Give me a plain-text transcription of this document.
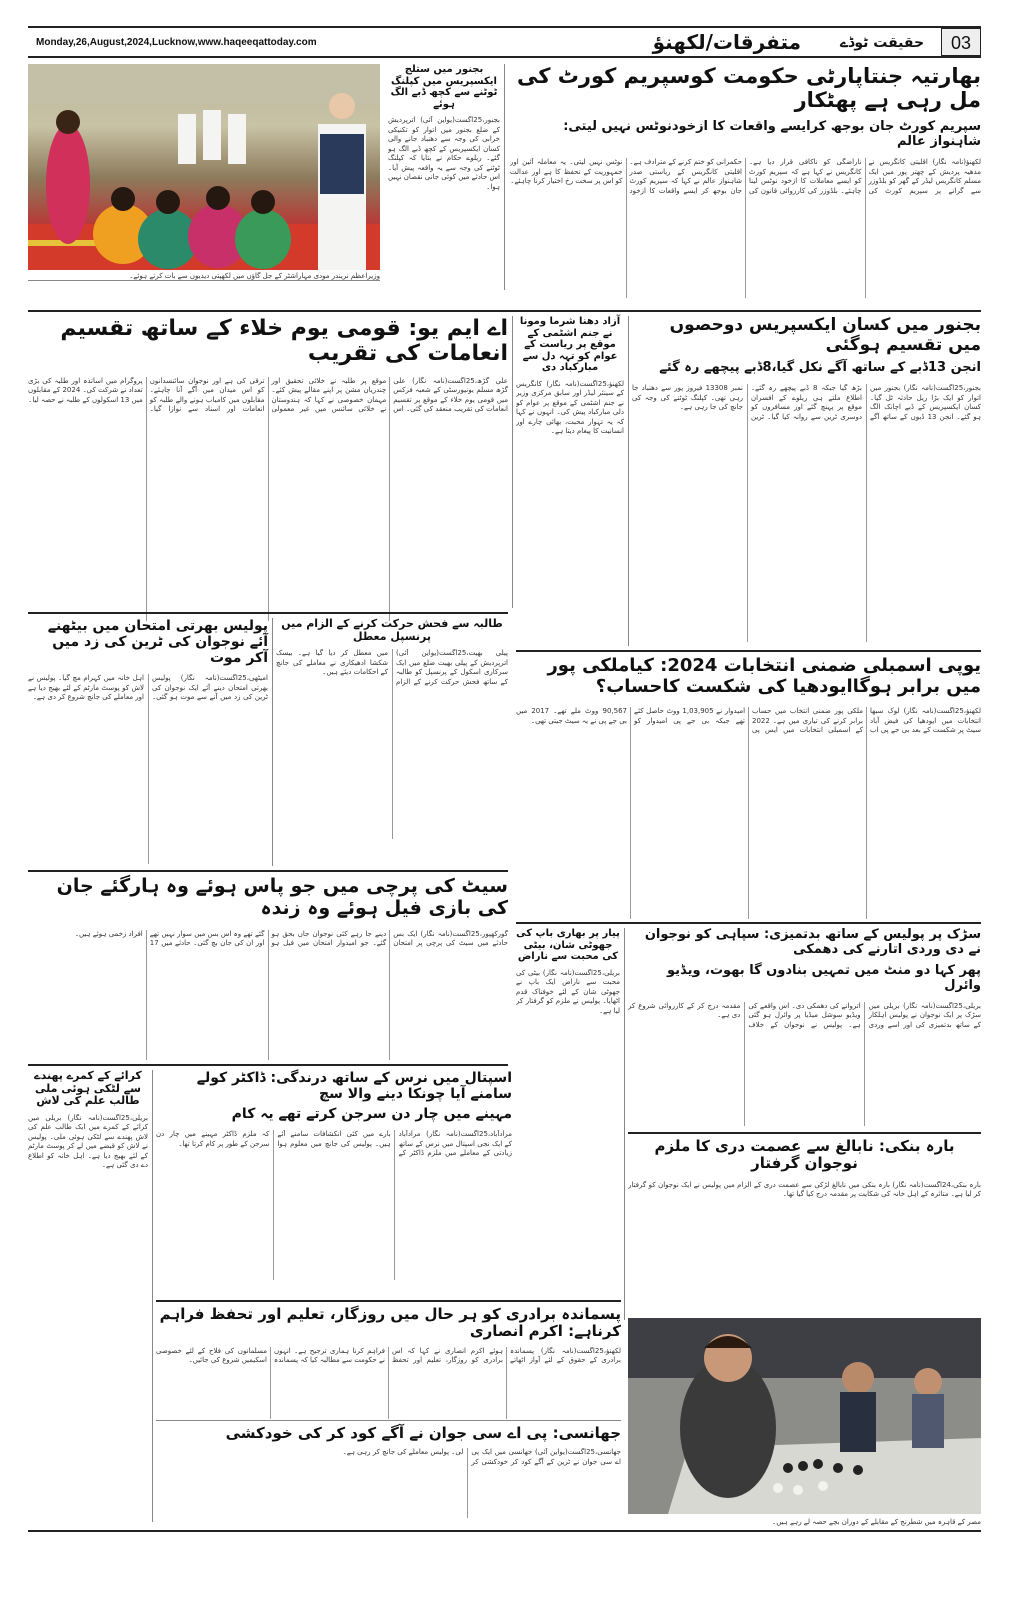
Monday,26,August,2024,Lucknow,www.haqeeqattoday.com	متفرقات/لکھنؤ	حقیقت ٹوڈے	03
وزیراعظم نریندر مودی مہاراشٹر کے جل گاؤں میں لکھپتی دیدیوں سے بات کرتے ہوئے۔
بجنور میں ستلج ایکسپریس میں کپلنگ ٹوٹنے سے کچھ ڈبے الگ ہوئے
بجنور،25اگست(یواین آئی) اترپردیش کے ضلع بجنور میں اتوار کو تکنیکی خرابی کی وجہ سے دھنباد جانے والی کسان ایکسپریس کے کچھ ڈبے الگ ہو گئے۔ ریلوے حکام نے بتایا کہ کپلنگ ٹوٹنے کی وجہ سے یہ واقعہ پیش آیا۔ اس حادثے میں کوئی جانی نقصان نہیں ہوا۔
بھارتیہ جنتاپارٹی حکومت کوسپریم کورٹ کی مل رہی ہے پھٹکار
سپریم کورٹ جان بوجھ کرایسے واقعات کا ازخودنوٹس نہیں لیتی: شاہنواز عالم
لکھنؤ(نامہ نگار) اقلیتی کانگریس نے مدھیہ پردیش کے چھتر پور میں ایک مسلم کانگریس لیڈر کے گھر کو بلڈوزر سے گرانے پر سپریم کورٹ کی ناراضگی کو ناکافی قرار دیا ہے۔ کانگریس نے کہا ہے کہ سپریم کورٹ کو ایسے معاملات کا ازخود نوٹس لینا چاہئے۔ بلڈوزر کی کارروائی قانون کی حکمرانی کو ختم کرنے کے مترادف ہے۔ اقلیتی کانگریس کے ریاستی صدر شاہنواز عالم نے کہا کہ سپریم کورٹ جان بوجھ کر ایسے واقعات کا ازخود نوٹس نہیں لیتی۔ یہ معاملہ آئین اور جمہوریت کے تحفظ کا ہے اور عدالت کو اس پر سخت رخ اختیار کرنا چاہئے۔
اے ایم یو: قومی یوم خلاء کے ساتھ تقسیم انعامات کی تقریب
علی گڑھ،25اگست(نامہ نگار) علی گڑھ مسلم یونیورسٹی کے شعبہ فزکس میں قومی یوم خلاء کے موقع پر تقسیم انعامات کی تقریب منعقد کی گئی۔ اس موقع پر طلبہ نے خلائی تحقیق اور چندریان مشن پر اپنے مقالے پیش کئے۔ مہمان خصوصی نے کہا کہ ہندوستان نے خلائی سائنس میں غیر معمولی ترقی کی ہے اور نوجوان سائنسدانوں کو اس میدان میں آگے آنا چاہئے۔ مقابلوں میں کامیاب ہونے والے طلبہ کو انعامات اور اسناد سے نوازا گیا۔ پروگرام میں اساتذہ اور طلبہ کی بڑی تعداد نے شرکت کی۔ 2024 کے مقابلوں میں 13 اسکولوں کے طلبہ نے حصہ لیا۔
آزاد دھنا شرما ومونا نے جنم اشٹمی کے موقع پر ریاست کے عوام کو تہہ دل سے مبارکباد دی
لکھنؤ،25اگست(نامہ نگار) کانگریس کے سینئر لیڈر اور سابق مرکزی وزیر نے جنم اشٹمی کے موقع پر عوام کو دلی مبارکباد پیش کی۔ انہوں نے کہا کہ یہ تہوار محبت، بھائی چارے اور انسانیت کا پیغام دیتا ہے۔
بجنور میں کسان ایکسپریس دوحصوں میں تقسیم ہوگئی
انجن 13ڈبے کے ساتھ آگے نکل گیا،8ڈبے پیچھے رہ گئے
بجنور،25اگست(نامہ نگار) بجنور میں اتوار کو ایک بڑا ریل حادثہ ٹل گیا۔ کسان ایکسپریس کے ڈبے اچانک الگ ہو گئے۔ انجن 13 ڈبوں کے ساتھ آگے بڑھ گیا جبکہ 8 ڈبے پیچھے رہ گئے۔ اطلاع ملتے ہی ریلوے کے افسران موقع پر پہنچ گئے اور مسافروں کو دوسری ٹرین سے روانہ کیا گیا۔ ٹرین نمبر 13308 فیروز پور سے دھنباد جا رہی تھی۔ کپلنگ ٹوٹنے کی وجہ کی جانچ کی جا رہی ہے۔
طالبہ سے فحش حرکت کرنے کے الزام میں پرنسپل معطل
پیلی بھیت،25اگست(یواین آئی) اترپردیش کے پیلی بھیت ضلع میں ایک سرکاری اسکول کے پرنسپل کو طالبہ کے ساتھ فحش حرکت کرنے کے الزام میں معطل کر دیا گیا ہے۔ بیسک شکشا ادھیکاری نے معاملے کی جانچ کے احکامات دیئے ہیں۔
پولیس بھرتی امتحان میں بیٹھنے آئے نوجوان کی ٹرین کی زد میں آکر موت
امیٹھی،25اگست(نامہ نگار) پولیس بھرتی امتحان دینے آئے ایک نوجوان کی ٹرین کی زد میں آنے سے موت ہو گئی۔ اہل خانہ میں کہرام مچ گیا۔ پولیس نے لاش کو پوسٹ مارٹم کے لئے بھیج دیا ہے اور معاملے کی جانچ شروع کر دی ہے۔
یوپی اسمبلی ضمنی انتخابات 2024: کیاملکی پور میں برابر ہوگاایودھیا کی شکست کاحساب؟
لکھنؤ،25اگست(نامہ نگار) لوک سبھا انتخابات میں ایودھیا کی فیض آباد سیٹ پر شکست کے بعد بی جے پی اب ملکی پور ضمنی انتخاب میں حساب برابر کرنے کی تیاری میں ہے۔ 2022 کے اسمبلی انتخابات میں ایس پی امیدوار نے 1,03,905 ووٹ حاصل کئے تھے جبکہ بی جے پی امیدوار کو 90,567 ووٹ ملے تھے۔ 2017 میں بی جے پی نے یہ سیٹ جیتی تھی۔
سیٹ کی پرچی میں جو پاس ہوئے وہ ہارگئے جان کی بازی فیل ہوئے وہ زندہ
گورکھپور،25اگست(نامہ نگار) ایک بس حادثے میں سیٹ کی پرچی پر امتحان دینے جا رہے کئی نوجوان جاں بحق ہو گئے۔ جو امیدوار امتحان میں فیل ہو گئے تھے وہ اس بس میں سوار نہیں تھے اور ان کی جان بچ گئی۔ حادثے میں 17 افراد زخمی ہوئے ہیں۔	پیار پر بھاری باپ کی جھوٹی شان، بیٹی کی محبت سے ناراض
بریلی،25اگست(نامہ نگار) بیٹی کی محبت سے ناراض ایک باپ نے جھوٹی شان کے لئے خوفناک قدم اٹھایا۔ پولیس نے ملزم کو گرفتار کر لیا ہے۔
سڑک پر پولیس کے ساتھ بدتمیزی: سپاہی کو نوجوان نے دی وردی اتارنے کی دھمکی
پھر کہا دو منٹ میں تمہیں بنادوں گا بھوت، ویڈیو وائرل
بریلی،25اگست(نامہ نگار) بریلی میں سڑک پر ایک نوجوان نے پولیس اہلکار کے ساتھ بدتمیزی کی اور اسے وردی اتروانے کی دھمکی دی۔ اس واقعے کی ویڈیو سوشل میڈیا پر وائرل ہو گئی ہے۔ پولیس نے نوجوان کے خلاف مقدمہ درج کر کے کارروائی شروع کر دی ہے۔
بارہ بنکی: نابالغ سے عصمت دری کا ملزم نوجوان گرفتار
بارہ بنکی،24اگست(نامہ نگار) بارہ بنکی میں نابالغ لڑکی سے عصمت دری کے الزام میں پولیس نے ایک نوجوان کو گرفتار کر لیا ہے۔ متاثرہ کے اہل خانہ کی شکایت پر مقدمہ درج کیا گیا تھا۔
کرائے کے کمرے پھندے سے لٹکی ہوئی ملی طالب علم کی لاش
بریلی،25اگست(نامہ نگار) بریلی میں کرائے کے کمرے میں ایک طالب علم کی لاش پھندے سے لٹکی ہوئی ملی۔ پولیس نے لاش کو قبضے میں لے کر پوسٹ مارٹم کے لئے بھیج دیا ہے۔ اہل خانہ کو اطلاع دے دی گئی ہے۔
اسپتال میں نرس کے ساتھ درندگی: ڈاکٹر کولے سامنے آیا چونکا دینے والا سچ
مہینے میں چار دن سرجن کرتے تھے یہ کام
مرادآباد،25اگست(نامہ نگار) مرادآباد کے ایک نجی اسپتال میں نرس کے ساتھ زیادتی کے معاملے میں ملزم ڈاکٹر کے بارے میں کئی انکشافات سامنے آئے ہیں۔ پولیس کی جانچ میں معلوم ہوا کہ ملزم ڈاکٹر مہینے میں چار دن سرجن کے طور پر کام کرتا تھا۔
پسماندہ برادری کو ہر حال میں روزگار، تعلیم اور تحفظ فراہم کرناہے: اکرم انصاری
لکھنؤ،25اگست(نامہ نگار) پسماندہ برادری کے حقوق کے لئے آواز اٹھاتے ہوئے اکرم انصاری نے کہا کہ اس برادری کو روزگار، تعلیم اور تحفظ فراہم کرنا ہماری ترجیح ہے۔ انہوں نے حکومت سے مطالبہ کیا کہ پسماندہ مسلمانوں کی فلاح کے لئے خصوصی اسکیمیں شروع کی جائیں۔
جھانسی: پی اے سی جوان نے آگے کود کر کی خودکشی
جھانسی،25اگست(یواین آئی) جھانسی میں ایک پی اے سی جوان نے ٹرین کے آگے کود کر خودکشی کر لی۔ پولیس معاملے کی جانچ کر رہی ہے۔
مصر کے قاہرہ میں شطرنج کے مقابلے کے دوران بچے حصہ لے رہے ہیں۔
